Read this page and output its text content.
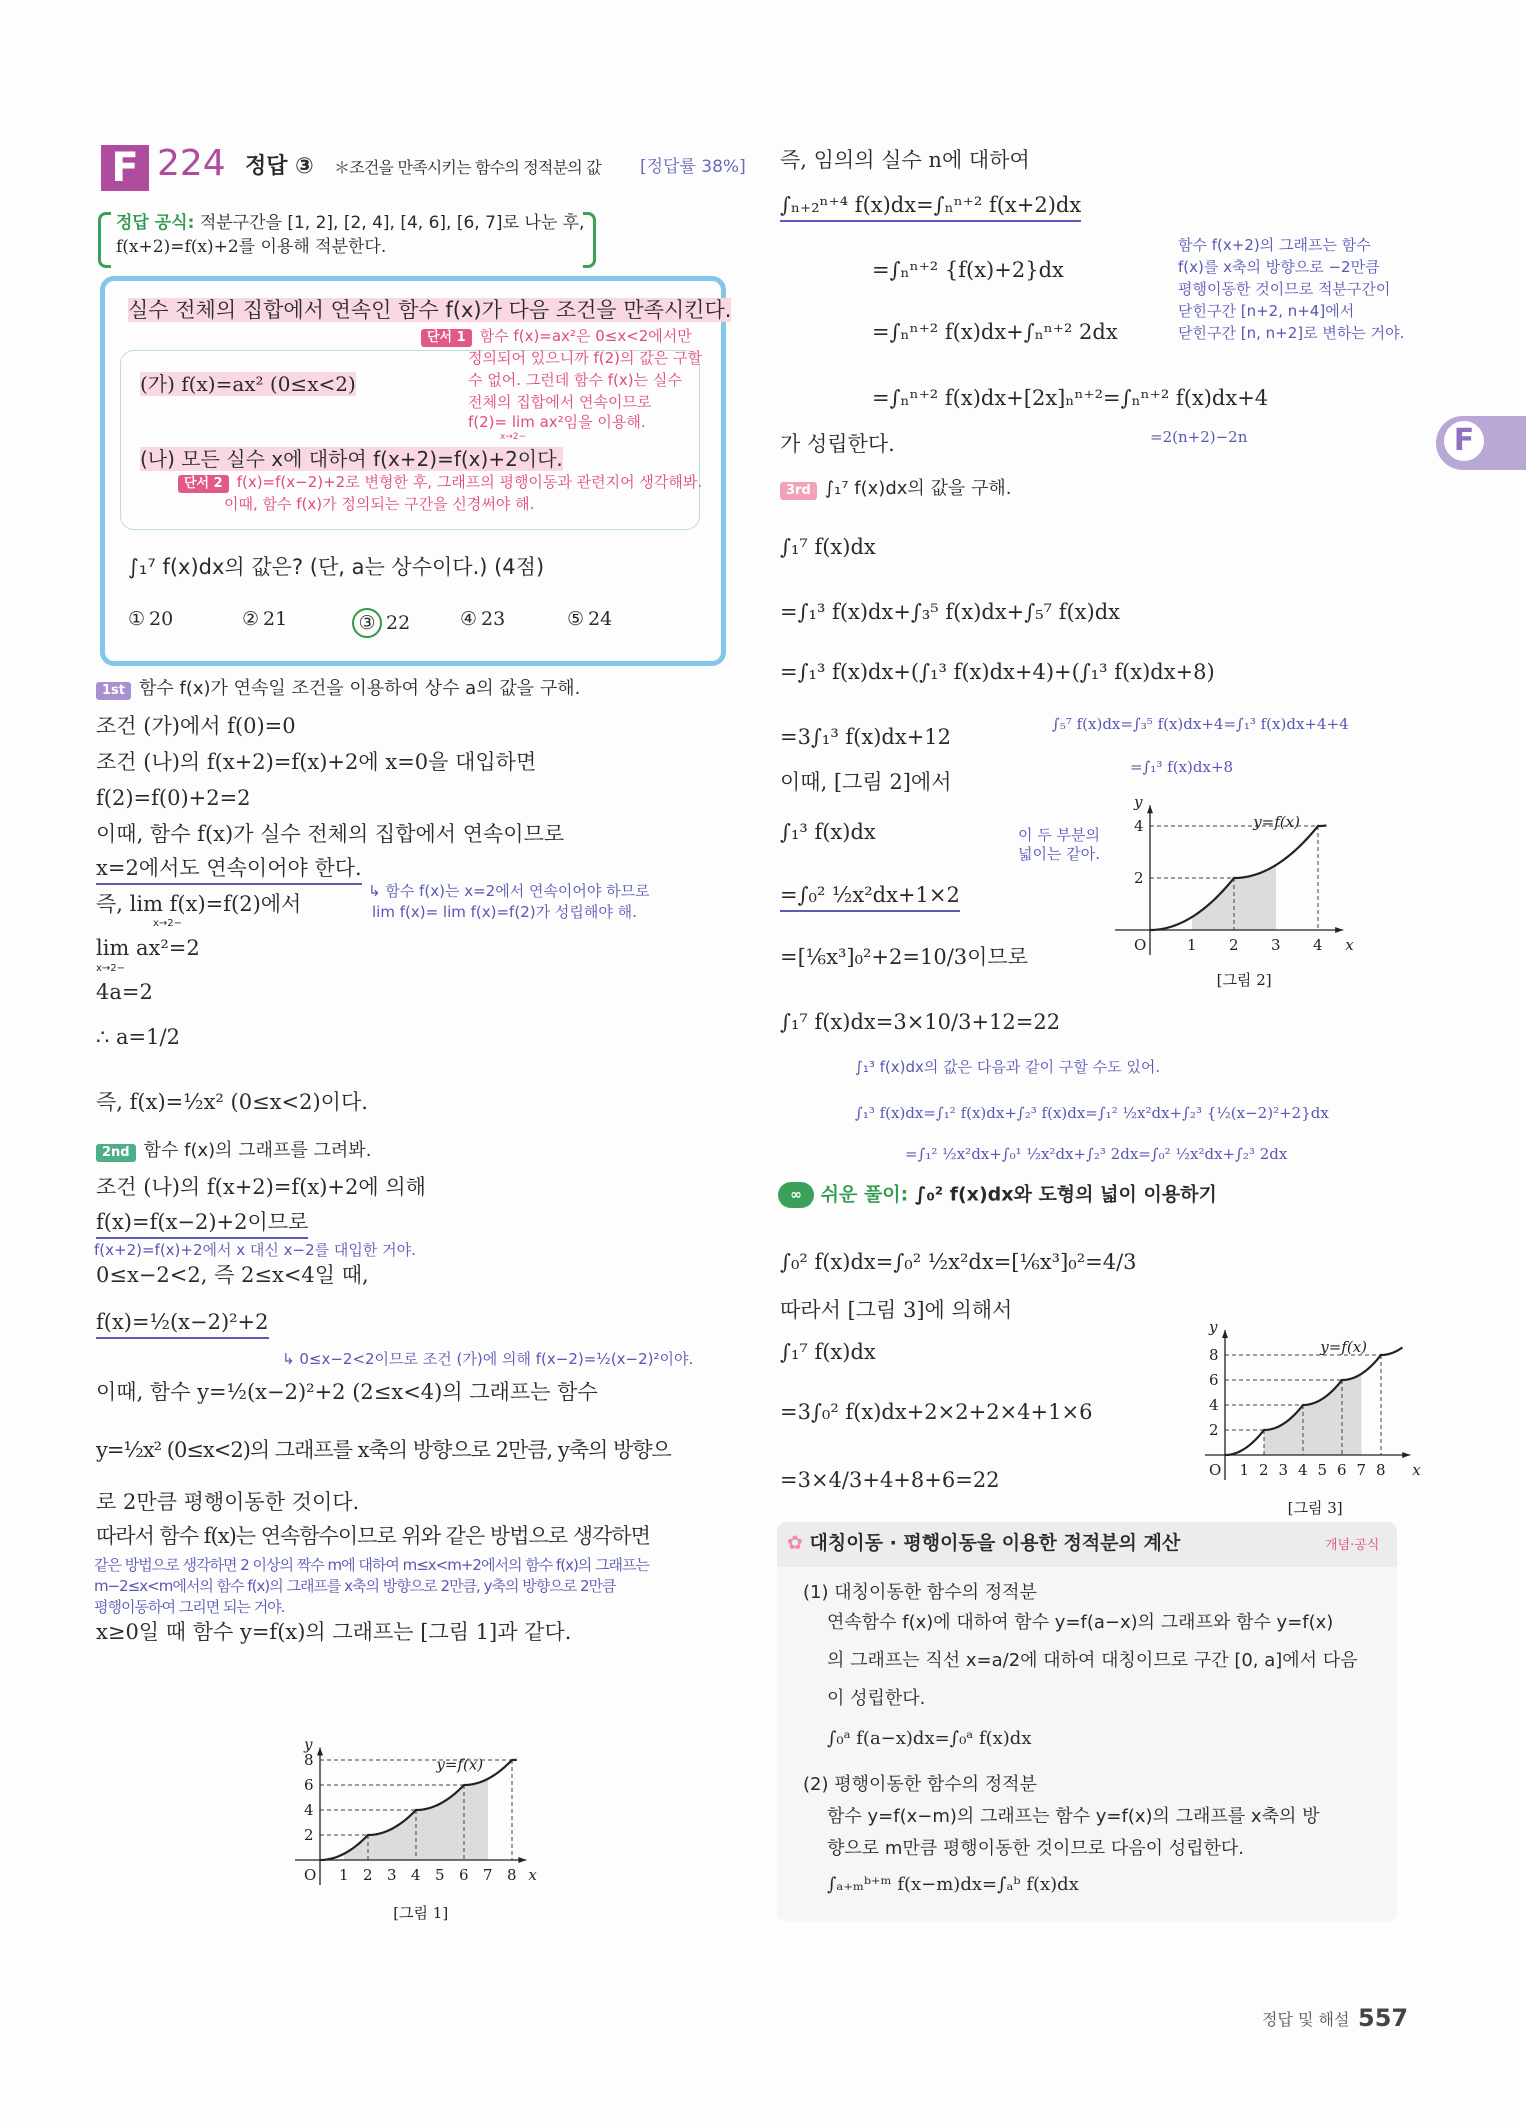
F 224 정답 ③ ＊조건을 만족시키는 함수의 정적분의 값 [정답률 38%]
정답 공식: 적분구간을 [1, 2], [2, 4], [4, 6], [6, 7]로 나눈 후,
f(x+2)=f(x)+2를 이용해 적분한다.
실수 전체의 집합에서 연속인 함수 f(x)가 다음 조건을 만족시킨다.
(가) f(x)=ax² (0≤x<2)
(나) 모든 실수 x에 대하여 f(x+2)=f(x)+2이다.
단서 1 함수 f(x)=ax²은 0≤x<2에서만
정의되어 있으니까 f(2)의 값은 구할
수 없어. 그런데 함수 f(x)는 실수
전체의 집합에서 연속이므로
f(2)= lim ax²임을 이용해.
x→2−
단서 2 f(x)=f(x−2)+2로 변형한 후, 그래프의 평행이동과 관련지어 생각해봐.
이때, 함수 f(x)가 정의되는 구간을 신경써야 해.
∫₁⁷ f(x)dx의 값은? (단, a는 상수이다.) (4점)
1st 함수 f(x)가 연속일 조건을 이용하여 상수 a의 값을 구해.
x→2−
x→2−
↳ 함수 f(x)는 x=2에서 연속이어야 하므로
lim f(x)= lim f(x)=f(2)가 성립해야 해.
2nd 함수 f(x)의 그래프를 그려봐.
f(x+2)=f(x)+2에서 x 대신 x−2를 대입한 거야.
↳ 0≤x−2<2이므로 조건 (가)에 의해 f(x−2)=½(x−2)²이야.
같은 방법으로 생각하면 2 이상의 짝수 m에 대하여 m≤x<m+2에서의 함수 f(x)의 그래프는
m−2≤x<m에서의 함수 f(x)의 그래프를 x축의 방향으로 2만큼, y축의 방향으로 2만큼
평행이동하여 그리면 되는 거야.
2
4
6
8
1 2 3 4 5 6 7 8
O	x
y
y=f(x)
[그림 1]
=2(n+2)−2n
3rd ∫₁⁷ f(x)dx의 값을 구해.
∫₅⁷ f(x)dx=∫₃⁵ f(x)dx+4=∫₁³ f(x)dx+4+4
=∫₁³ f(x)dx+8
이 두 부분의
넓이는 같아.
∫₁³ f(x)dx의 값은 다음과 같이 구할 수도 있어.
∫₁³ f(x)dx=∫₁² f(x)dx+∫₂³ f(x)dx=∫₁² ½x²dx+∫₂³ {½(x−2)²+2}dx
=∫₁² ½x²dx+∫₀¹ ½x²dx+∫₂³ 2dx=∫₀² ½x²dx+∫₂³ 2dx
2
4
1 2 3 4
O	x
y
y=f(x)
[그림 2]
∞ 쉬운 풀이: ∫₀² f(x)dx와 도형의 넓이 이용하기
2
4
6
8
1 2 3 4 5 6 7 8
O	x
y
y=f(x)
[그림 3]
✿ 대칭이동 · 평행이동을 이용한 정적분의 계산	개념·공식
(1) 대칭이동한 함수의 정적분
연속함수 f(x)에 대하여 함수 y=f(a−x)의 그래프와 함수 y=f(x)
의 그래프는 직선 x=a/2에 대하여 대칭이므로 구간 [0, a]에서 다음
이 성립한다.
∫₀ᵃ f(a−x)dx=∫₀ᵃ f(x)dx
(2) 평행이동한 함수의 정적분
함수 y=f(x−m)의 그래프는 함수 y=f(x)의 그래프를 x축의 방
향으로 m만큼 평행이동한 것이므로 다음이 성립한다.
∫ₐ₊ₘᵇ⁺ᵐ f(x−m)dx=∫ₐᵇ f(x)dx
F
정답 및 해설 557
① 20	② 21	③ 22	④ 23	⑤ 24
조건 (가)에서 f(0)=0
조건 (나)의 f(x+2)=f(x)+2에 x=0을 대입하면
f(2)=f(0)+2=2
이때, 함수 f(x)가 실수 전체의 집합에서 연속이므로
x=2에서도 연속이어야 한다.
즉, lim f(x)=f(2)에서
lim ax²=2
4a=2
∴ a=1/2
즉, f(x)=½x² (0≤x<2)이다.
조건 (나)의 f(x+2)=f(x)+2에 의해
f(x)=f(x−2)+2이므로
0≤x−2<2, 즉 2≤x<4일 때,
f(x)=½(x−2)²+2
이때, 함수 y=½(x−2)²+2 (2≤x<4)의 그래프는 함수
y=½x² (0≤x<2)의 그래프를 x축의 방향으로 2만큼, y축의 방향으
로 2만큼 평행이동한 것이다.
따라서 함수 f(x)는 연속함수이므로 위와 같은 방법으로 생각하면
x≥0일 때 함수 y=f(x)의 그래프는 [그림 1]과 같다.
즉, 임의의 실수 n에 대하여
∫ₙ₊₂ⁿ⁺⁴ f(x)dx=∫ₙⁿ⁺² f(x+2)dx
=∫ₙⁿ⁺² {f(x)+2}dx
=∫ₙⁿ⁺² f(x)dx+∫ₙⁿ⁺² 2dx
=∫ₙⁿ⁺² f(x)dx+[2x]ₙⁿ⁺²=∫ₙⁿ⁺² f(x)dx+4
가 성립한다.
함수 f(x+2)의 그래프는 함수
f(x)를 x축의 방향으로 −2만큼
평행이동한 것이므로 적분구간이
닫힌구간 [n+2, n+4]에서
닫힌구간 [n, n+2]로 변하는 거야.
∫₁⁷ f(x)dx
=∫₁³ f(x)dx+∫₃⁵ f(x)dx+∫₅⁷ f(x)dx
=∫₁³ f(x)dx+(∫₁³ f(x)dx+4)+(∫₁³ f(x)dx+8)
=3∫₁³ f(x)dx+12
이때, [그림 2]에서
∫₁³ f(x)dx
=∫₀² ½x²dx+1×2
=[⅙x³]₀²+2=10/3이므로
∫₁⁷ f(x)dx=3×10/3+12=22
∫₀² f(x)dx=∫₀² ½x²dx=[⅙x³]₀²=4/3
따라서 [그림 3]에 의해서
∫₁⁷ f(x)dx
=3∫₀² f(x)dx+2×2+2×4+1×6
=3×4/3+4+8+6=22
